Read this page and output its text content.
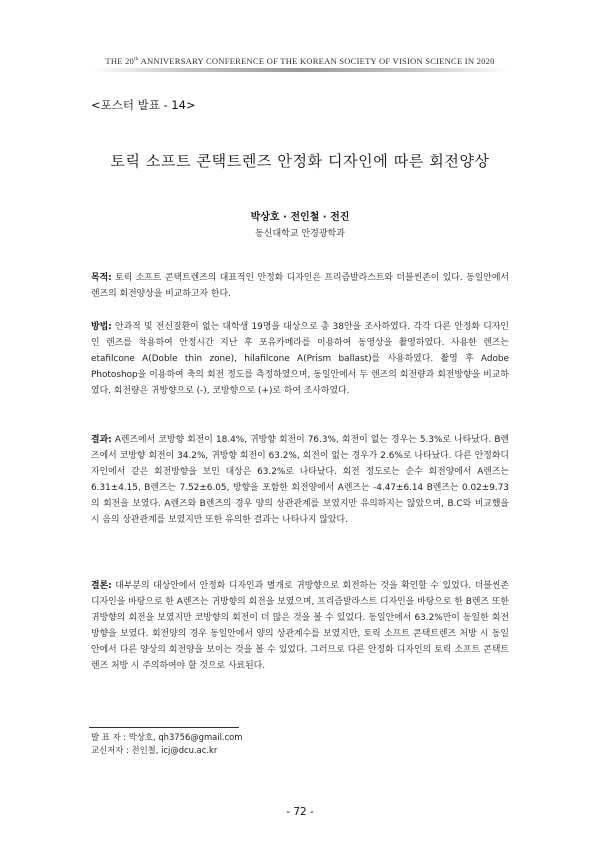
THE 20th ANNIVERSARY CONFERENCE OF THE KOREAN SOCIETY OF VISION SCIENCE IN 2020
<포스터 발표 - 14>
토릭 소프트 콘택트렌즈 안정화 디자인에 따른 회전양상
박상호 · 전인철 · 전진
동신대학교 안경광학과
목적: 토릭 소프트 콘택트렌즈의 대표적인 안정화 디자인은 프리즘발라스트와 더블씬존이 있다. 동일안에서 렌즈의 회전양상을 비교하고자 한다.
방법: 안과적 및 전신질환이 없는 대학생 19명을 대상으로 총 38안을 조사하였다. 각각 다른 안정화 디자인인 렌즈를 착용하여 안정시간 지난 후 포유카메라를 이용하여 동영상을 촬영하였다. 사용한 렌즈는 etafilcone A(Doble thin zone), hilafilcone A(Prism ballast)를 사용하였다. 촬영 후 Adobe Photoshop을 이용하여 축의 회전 정도를 측정하였으며, 동일안에서 두 렌즈의 회전량과 회전방향을 비교하였다. 회전량은 귀방향으로 (-), 코방향으로 (+)로 하여 조사하였다.
결과: A렌즈에서 코방향 회전이 18.4%, 귀방향 회전이 76.3%, 회전이 없는 경우는 5.3%로 나타났다. B렌즈에서 코방향 회전이 34.2%, 귀방향 회전이 63.2%, 회전이 없는 경우가 2.6%로 나타났다. 다른 안정화디자인에서 같은 회전방향을 보인 대상은 63.2%로 나타났다. 회전 정도로는 순수 회전양에서 A렌즈는 6.31±4.15, B렌즈는 7.52±6.05, 방향을 포함한 회전양에서 A렌즈는 -4.47±6.14 B렌즈는 0.02±9.73의 회전을 보였다. A렌즈와 B렌즈의 경우 양의 상관관계를 보였지만 유의하지는 않았으며, B.C와 비교했을 시 음의 상관관계를 보였지만 또한 유의한 결과는 나타나지 않았다.
결론: 대부분의 대상안에서 안정화 디자인과 별개로 귀방향으로 회전하는 것을 확인할 수 있었다. 더블씬존 디자인을 바탕으로 한 A렌즈는 귀방향의 회전을 보였으며, 프리즘발라스트 디자인을 바탕으로 한 B렌즈 또한 귀방향의 회전을 보였지만 코방향의 회전이 더 많은 것을 볼 수 있었다. 동일안에서 63.2%만이 동일한 회전방향을 보였다. 회전양의 경우 동일안에서 양의 상관계수를 보였지만, 토릭 소프트 콘택트렌즈 처방 시 동일안에서 다른 양상의 회전양을 보이는 것을 볼 수 있었다. 그러므로 다른 안정화 디자인의 토릭 소프트 콘택트렌즈 처방 시 주의하여야 할 것으로 사료된다.
발 표 자 : 박상호, qh3756@gmail.com
교신저자 : 전인철, icj@dcu.ac.kr
- 72 -
